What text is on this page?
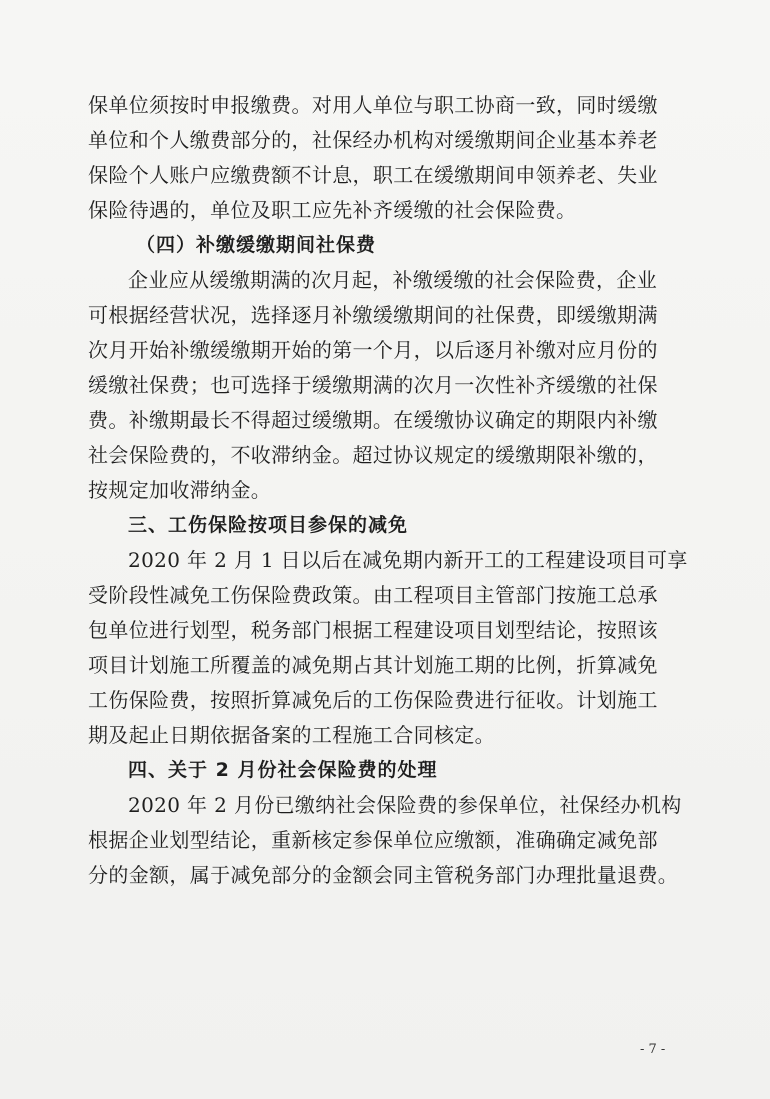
保单位须按时申报缴费。对用人单位与职工协商一致，同时缓缴
单位和个人缴费部分的，社保经办机构对缓缴期间企业基本养老
保险个人账户应缴费额不计息，职工在缓缴期间申领养老、失业
保险待遇的，单位及职工应先补齐缓缴的社会保险费。
（四）补缴缓缴期间社保费
企业应从缓缴期满的次月起，补缴缓缴的社会保险费，企业
可根据经营状况，选择逐月补缴缓缴期间的社保费，即缓缴期满
次月开始补缴缓缴期开始的第一个月，以后逐月补缴对应月份的
缓缴社保费；也可选择于缓缴期满的次月一次性补齐缓缴的社保
费。补缴期最长不得超过缓缴期。在缓缴协议确定的期限内补缴
社会保险费的，不收滞纳金。超过协议规定的缓缴期限补缴的，
按规定加收滞纳金。
三、工伤保险按项目参保的减免
2020 年 2 月 1 日以后在减免期内新开工的工程建设项目可享
受阶段性减免工伤保险费政策。由工程项目主管部门按施工总承
包单位进行划型，税务部门根据工程建设项目划型结论，按照该
项目计划施工所覆盖的减免期占其计划施工期的比例，折算减免
工伤保险费，按照折算减免后的工伤保险费进行征收。计划施工
期及起止日期依据备案的工程施工合同核定。
四、关于 2 月份社会保险费的处理
2020 年 2 月份已缴纳社会保险费的参保单位，社保经办机构
根据企业划型结论，重新核定参保单位应缴额，准确确定减免部
分的金额，属于减免部分的金额会同主管税务部门办理批量退费。
- 7 -
